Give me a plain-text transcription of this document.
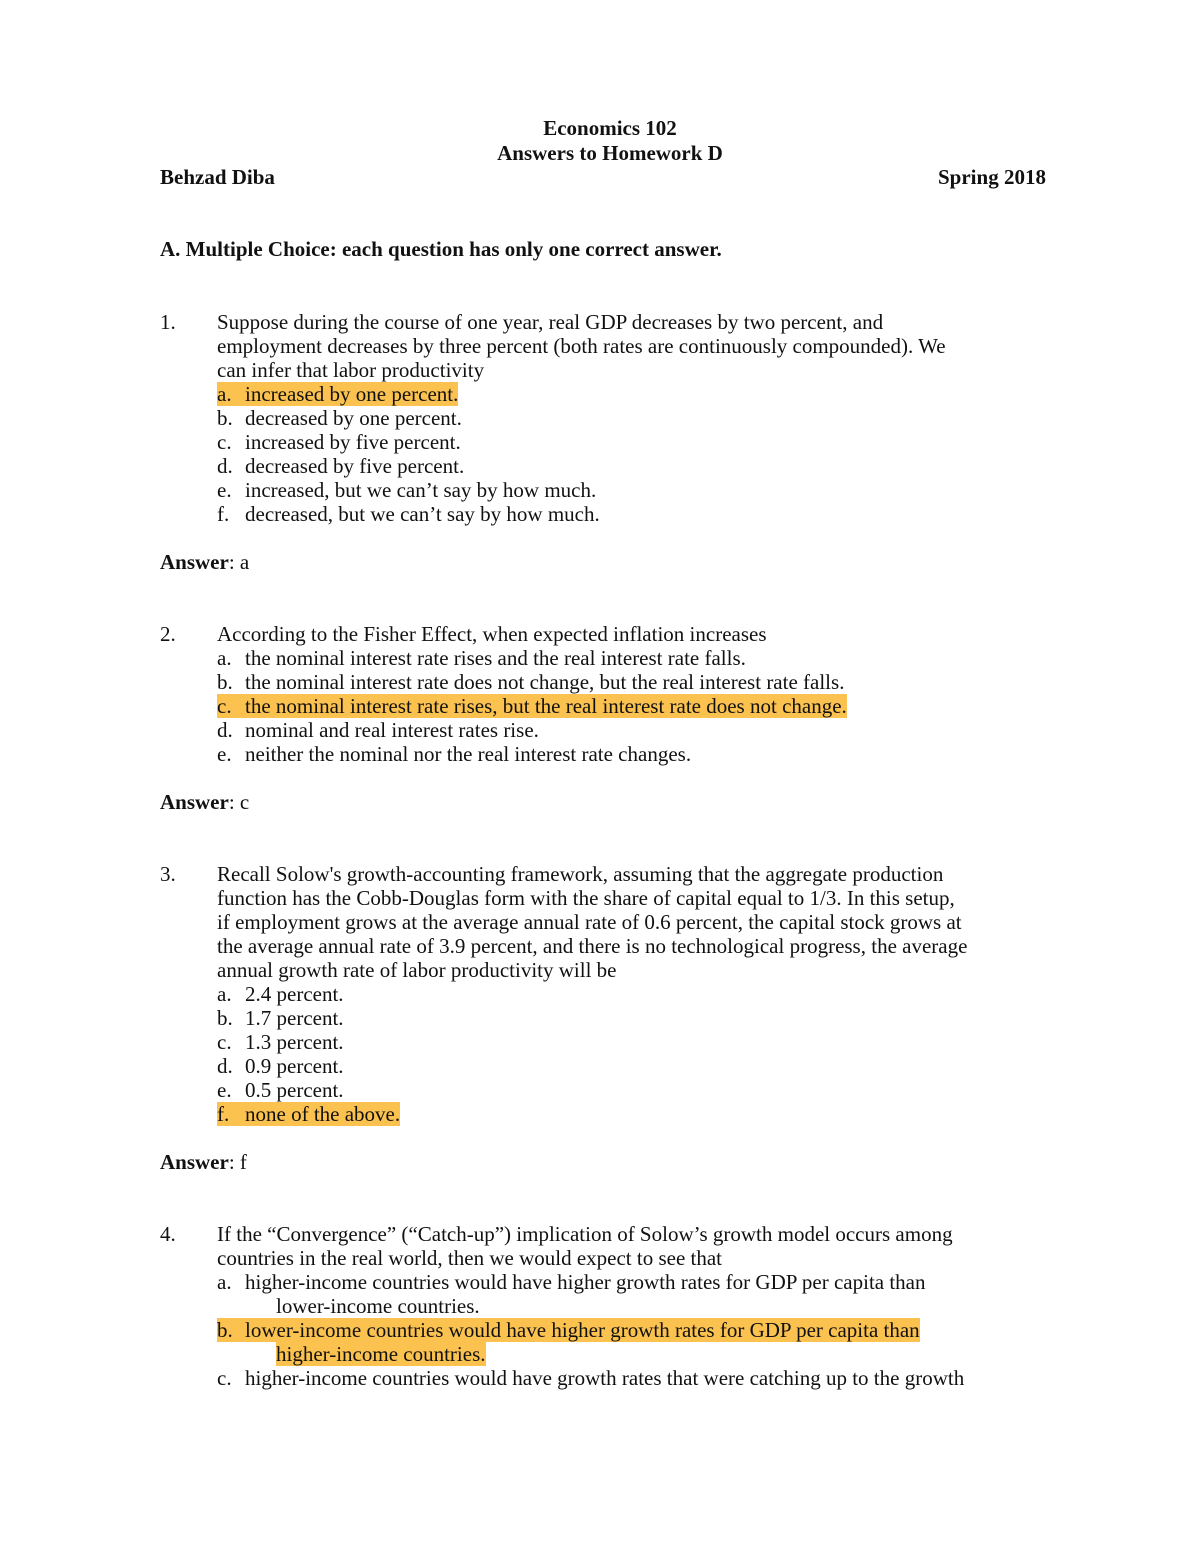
Economics 102
Answers to Homework D
Behzad Diba	Spring 2018
A. Multiple Choice: each question has only one correct answer.
1. Suppose during the course of one year, real GDP decreases by two percent, and
employment decreases by three percent (both rates are continuously compounded). We
can infer that labor productivity
a. increased by one percent.
b. decreased by one percent.
c. increased by five percent.
d. decreased by five percent.
e. increased, but we can’t say by how much.
f. decreased, but we can’t say by how much.
Answer: a
2. According to the Fisher Effect, when expected inflation increases
a. the nominal interest rate rises and the real interest rate falls.
b. the nominal interest rate does not change, but the real interest rate falls.
c. the nominal interest rate rises, but the real interest rate does not change.
d. nominal and real interest rates rise.
e. neither the nominal nor the real interest rate changes.
Answer: c
3. Recall Solow's growth-accounting framework, assuming that the aggregate production
function has the Cobb-Douglas form with the share of capital equal to 1/3. In this setup,
if employment grows at the average annual rate of 0.6 percent, the capital stock grows at
the average annual rate of 3.9 percent, and there is no technological progress, the average
annual growth rate of labor productivity will be
a. 2.4 percent.
b. 1.7 percent.
c. 1.3 percent.
d. 0.9 percent.
e. 0.5 percent.
f. none of the above.
Answer: f
4. If the “Convergence” (“Catch-up”) implication of Solow’s growth model occurs among
countries in the real world, then we would expect to see that
a. higher-income countries would have higher growth rates for GDP per capita than
lower-income countries.
b. lower-income countries would have higher growth rates for GDP per capita than
higher-income countries.
c. higher-income countries would have growth rates that were catching up to the growth
